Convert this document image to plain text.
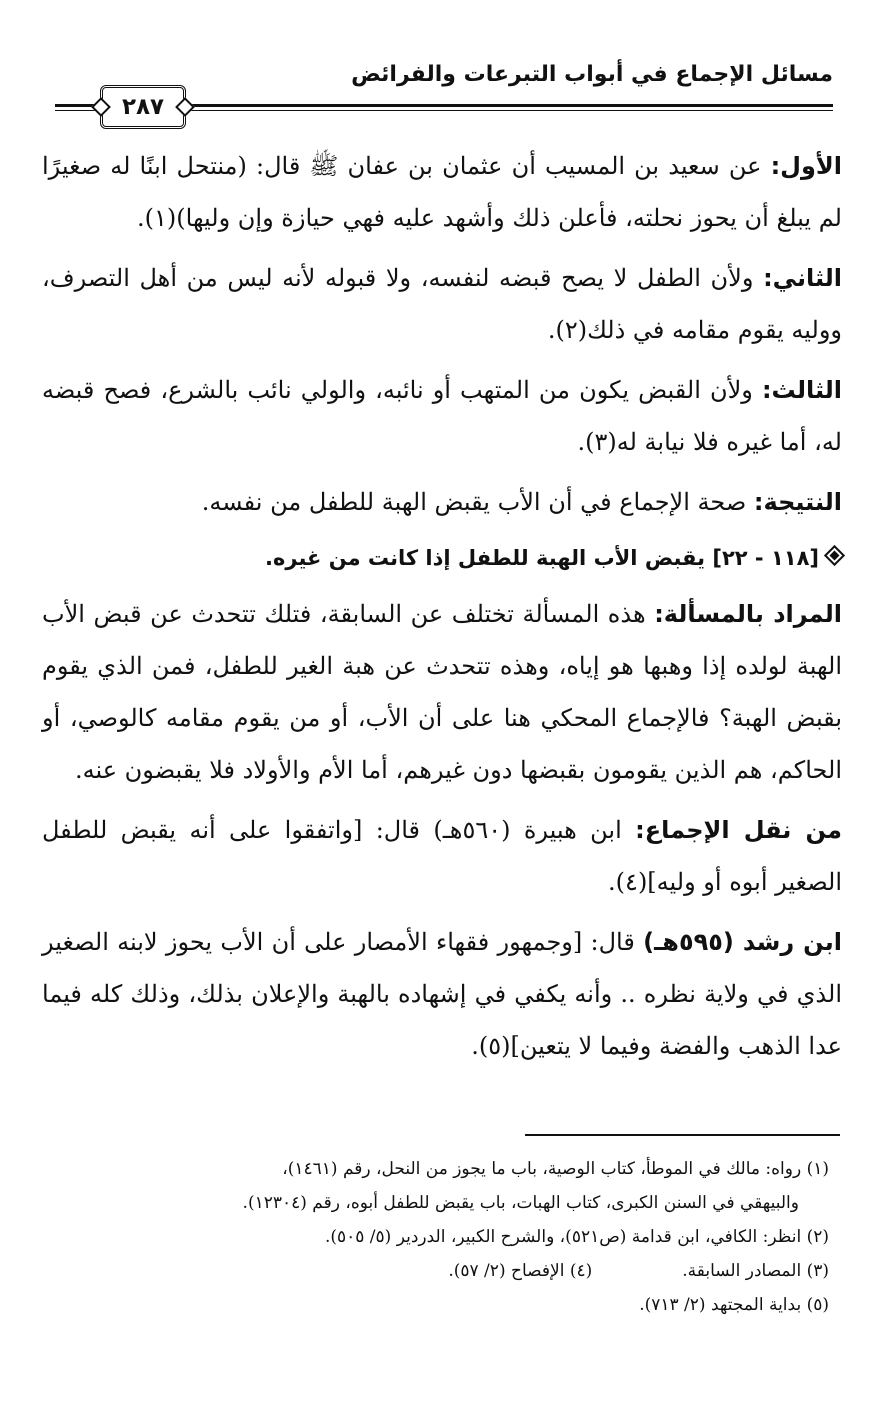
مسائل الإجماع في أبواب التبرعات والفرائض
٢٨٧

الأول: عن سعيد بن المسيب أن عثمان بن عفان ﷺ قال: (منتحل ابنًا له صغيرًا لم يبلغ أن يحوز نحلته، فأعلن ذلك وأشهد عليه فهي حيازة وإن وليها)(١).

الثاني: ولأن الطفل لا يصح قبضه لنفسه، ولا قبوله لأنه ليس من أهل التصرف، ووليه يقوم مقامه في ذلك(٢).

الثالث: ولأن القبض يكون من المتهب أو نائبه، والولي نائب بالشرع، فصح قبضه له، أما غيره فلا نيابة له(٣).

النتيجة: صحة الإجماع في أن الأب يقبض الهبة للطفل من نفسه.

[١١٨ - ٢٢] يقبض الأب الهبة للطفل إذا كانت من غيره.

المراد بالمسألة: هذه المسألة تختلف عن السابقة، فتلك تتحدث عن قبض الأب الهبة لولده إذا وهبها هو إياه، وهذه تتحدث عن هبة الغير للطفل، فمن الذي يقوم بقبض الهبة؟ فالإجماع المحكي هنا على أن الأب، أو من يقوم مقامه كالوصي، أو الحاكم، هم الذين يقومون بقبضها دون غيرهم، أما الأم والأولاد فلا يقبضون عنه.

من نقل الإجماع: ابن هبيرة (٥٦٠هـ) قال: [واتفقوا على أنه يقبض للطفل الصغير أبوه أو وليه](٤).

ابن رشد (٥٩٥هـ) قال: [وجمهور فقهاء الأمصار على أن الأب يحوز لابنه الصغير الذي في ولاية نظره .. وأنه يكفي في إشهاده بالهبة والإعلان بذلك، وذلك كله فيما عدا الذهب والفضة وفيما لا يتعين](٥).

(١) رواه: مالك في الموطأ، كتاب الوصية، باب ما يجوز من النحل، رقم (١٤٦١)،
والبيهقي في السنن الكبرى، كتاب الهبات، باب يقبض للطفل أبوه، رقم (١٢٣٠٤).

(٢) انظر: الكافي، ابن قدامة (ص٥٢١)، والشرح الكبير، الدردير (٥/ ٥٠٥).

(٣) المصادر السابقة.
(٤) الإفصاح (٢/ ٥٧).

(٥) بداية المجتهد (٢/ ٧١٣).
